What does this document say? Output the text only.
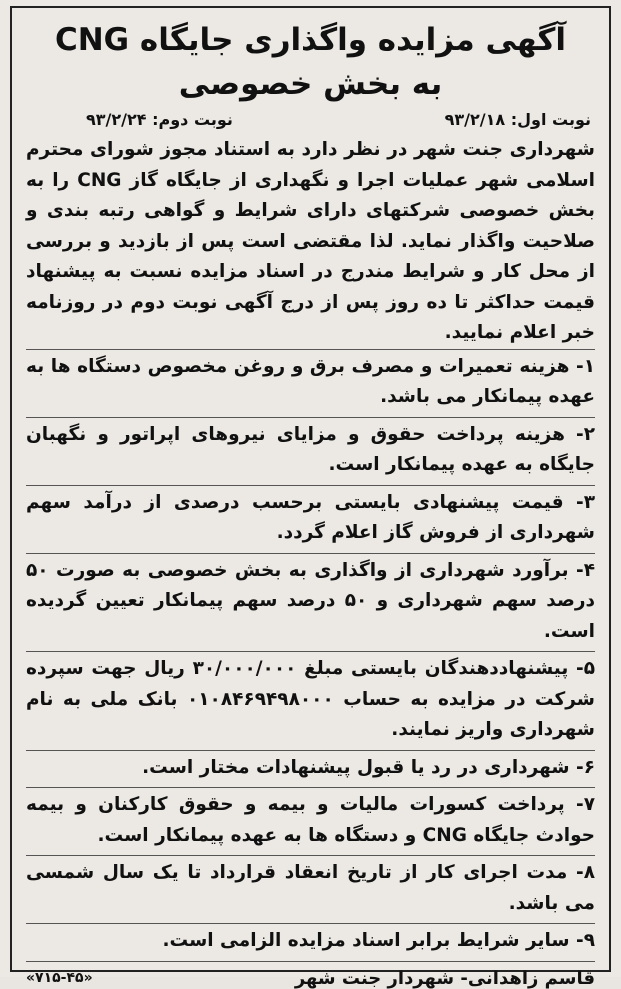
آگهی مزایده واگذاری جایگاه CNG
به بخش خصوصی
نوبت اول: ۹۳/۲/۱۸
نوبت دوم: ۹۳/۲/۲۴

شهرداری جنت شهر در نظر دارد به استناد مجوز شورای محترم اسلامی شهر عملیات اجرا و نگهداری از جایگاه گاز CNG را به بخش خصوصی شرکتهای دارای شرایط و گواهی رتبه بندی و صلاحیت واگذار نماید. لذا مقتضی است پس از بازدید و بررسی از محل کار و شرایط مندرج در اسناد مزایده نسبت به پیشنهاد قیمت حداکثر تا ده روز پس از درج آگهی نوبت دوم در روزنامه خبر اعلام نمایید.

۱- هزینه تعمیرات و مصرف برق و روغن مخصوص دستگاه ها به عهده پیمانکار می باشد.

۲- هزینه پرداخت حقوق و مزایای نیروهای اپراتور و نگهبان جایگاه به عهده پیمانکار است.

۳- قیمت پیشنهادی بایستی برحسب درصدی از درآمد سهم شهرداری از فروش گاز اعلام گردد.

۴- برآورد شهرداری از واگذاری به بخش خصوصی به صورت ۵۰ درصد سهم شهرداری و ۵۰ درصد سهم پیمانکار تعیین گردیده است.

۵- پیشنهاددهندگان بایستی مبلغ ۳۰/۰۰۰/۰۰۰ ریال جهت سپرده شرکت در مزایده به حساب ۰۱۰۸۴۶۹۴۹۸۰۰۰ بانک ملی به نام شهرداری واریز نمایند.

۶- شهرداری در رد یا قبول پیشنهادات مختار است.

۷- پرداخت کسورات مالیات و بیمه و حقوق کارکنان و بیمه حوادث جایگاه CNG و دستگاه ها به عهده پیمانکار است.

۸- مدت اجرای کار از تاریخ انعقاد قرارداد تا یک سال شمسی می باشد.

۹- سایر شرایط برابر اسناد مزایده الزامی است.

قاسم زاهدانی- شهردار جنت شهر
«۷۱۵-۴۵»
